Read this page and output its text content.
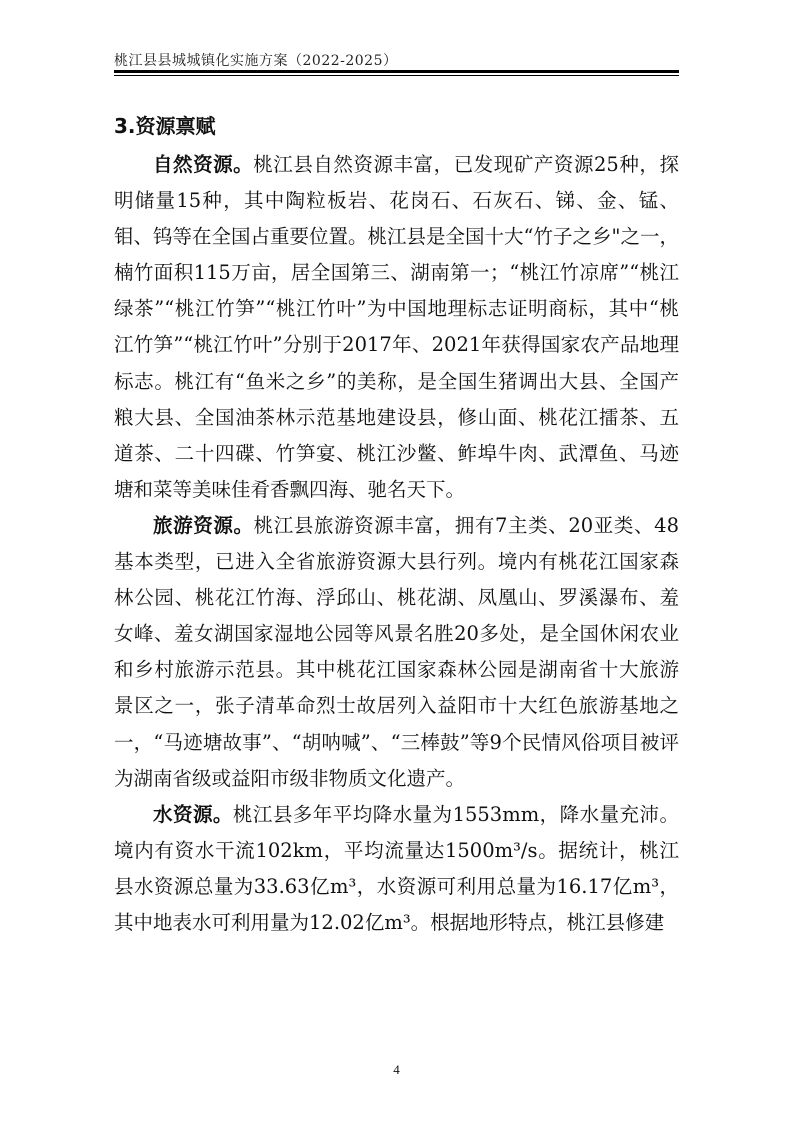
桃江县县城城镇化实施方案（2022-2025）
3.资源禀赋

自然资源。桃江县自然资源丰富，已发现矿产资源25种，探明储量15种，其中陶粒板岩、花岗石、石灰石、锑、金、锰、钼、钨等在全国占重要位置。桃江县是全国十大“竹子之乡"之一，楠竹面积115万亩，居全国第三、湖南第一；“桃江竹凉席”“桃江绿茶”“桃江竹笋”“桃江竹叶”为中国地理标志证明商标，其中“桃江竹笋”“桃江竹叶”分别于2017年、2021年获得国家农产品地理标志。桃江有“鱼米之乡”的美称，是全国生猪调出大县、全国产粮大县、全国油茶林示范基地建设县，修山面、桃花江擂茶、五道茶、二十四碟、竹笋宴、桃江沙鳖、鲊埠牛肉、武潭鱼、马迹塘和菜等美味佳肴香飘四海、驰名天下。

旅游资源。桃江县旅游资源丰富，拥有7主类、20亚类、48基本类型，已进入全省旅游资源大县行列。境内有桃花江国家森林公园、桃花江竹海、浮邱山、桃花湖、凤凰山、罗溪瀑布、羞女峰、羞女湖国家湿地公园等风景名胜20多处，是全国休闲农业和乡村旅游示范县。其中桃花江国家森林公园是湖南省十大旅游景区之一，张子清革命烈士故居列入益阳市十大红色旅游基地之一，“马迹塘故事”、“胡呐喊”、“三棒鼓”等9个民情风俗项目被评为湖南省级或益阳市级非物质文化遗产。

水资源。桃江县多年平均降水量为1553mm，降水量充沛。境内有资水干流102km，平均流量达1500m³/s。据统计，桃江县水资源总量为33.63亿m³，水资源可利用总量为16.17亿m³，其中地表水可利用量为12.02亿m³。根据地形特点，桃江县修建

4
